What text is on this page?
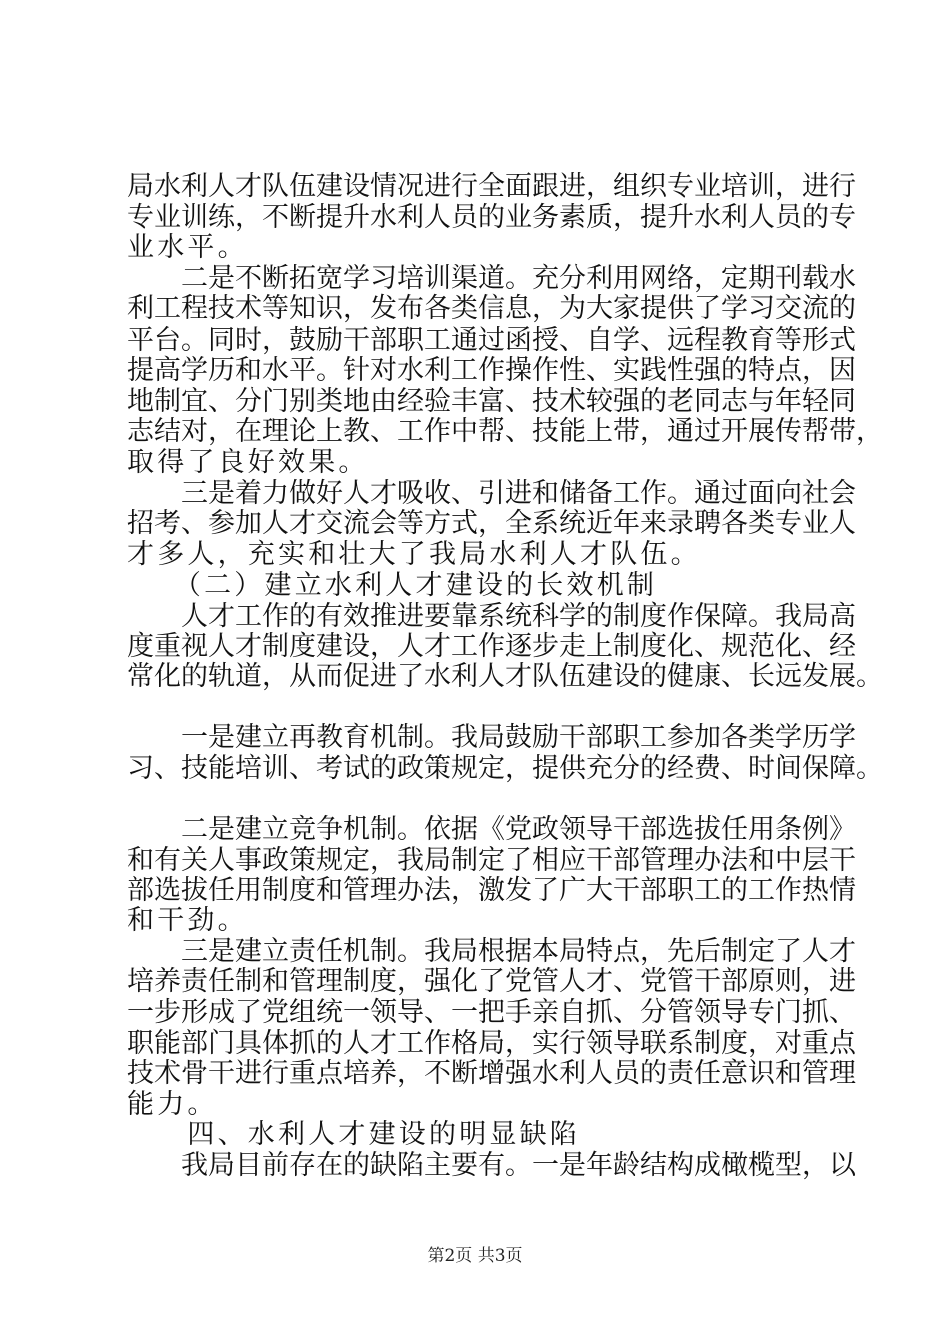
局水利人才队伍建设情况进行全面跟进，组织专业培训，进行
专业训练，不断提升水利人员的业务素质，提升水利人员的专
业水平。
　　二是不断拓宽学习培训渠道。充分利用网络，定期刊载水
利工程技术等知识，发布各类信息，为大家提供了学习交流的
平台。同时，鼓励干部职工通过函授、自学、远程教育等形式
提高学历和水平。针对水利工作操作性、实践性强的特点，因
地制宜、分门别类地由经验丰富、技术较强的老同志与年轻同
志结对，在理论上教、工作中帮、技能上带，通过开展传帮带，
取得了良好效果。
　　三是着力做好人才吸收、引进和储备工作。通过面向社会
招考、参加人才交流会等方式，全系统近年来录聘各类专业人
才多人，充实和壮大了我局水利人才队伍。
　　（二）建立水利人才建设的长效机制
　　人才工作的有效推进要靠系统科学的制度作保障。我局高
度重视人才制度建设，人才工作逐步走上制度化、规范化、经
常化的轨道，从而促进了水利人才队伍建设的健康、长远发展。
　　一是建立再教育机制。我局鼓励干部职工参加各类学历学
习、技能培训、考试的政策规定，提供充分的经费、时间保障。
　　二是建立竞争机制。依据《党政领导干部选拔任用条例》
和有关人事政策规定，我局制定了相应干部管理办法和中层干
部选拔任用制度和管理办法，激发了广大干部职工的工作热情
和干劲。
　　三是建立责任机制。我局根据本局特点，先后制定了人才
培养责任制和管理制度，强化了党管人才、党管干部原则，进
一步形成了党组统一领导、一把手亲自抓、分管领导专门抓、
职能部门具体抓的人才工作格局，实行领导联系制度，对重点
技术骨干进行重点培养，不断增强水利人员的责任意识和管理
能力。
　　四、水利人才建设的明显缺陷
　　我局目前存在的缺陷主要有。一是年龄结构成橄榄型，以
第2页 共3页
